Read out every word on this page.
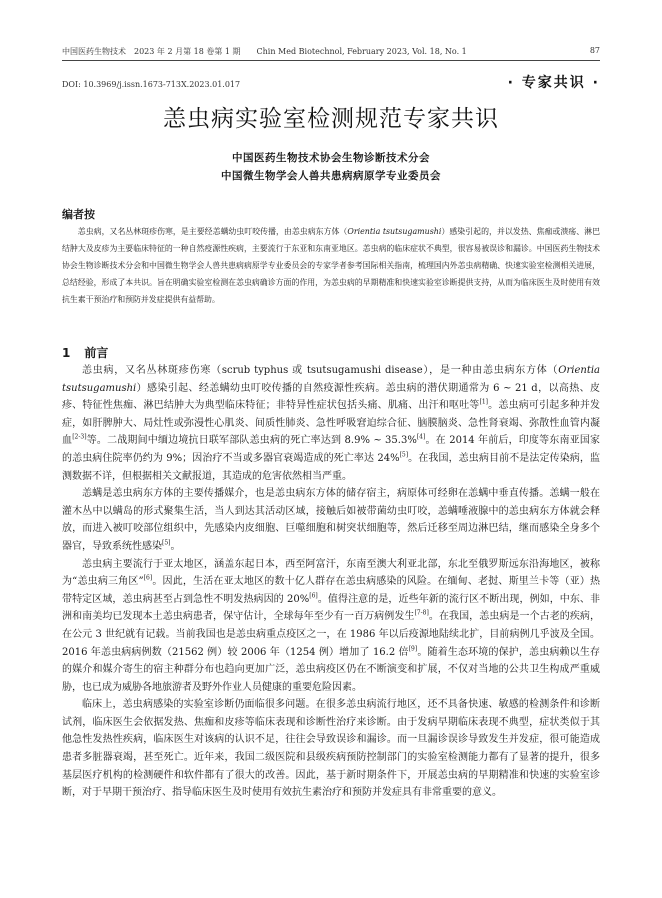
中国医药生物技术　2023 年 2 月第 18 卷第 1 期　　Chin Med Biotechnol, February 2023, Vol. 18, No. 1	87
DOI: 10.3969/j.issn.1673-713X.2023.01.017	· 专家共识 ·
恙虫病实验室检测规范专家共识
中国医药生物技术协会生物诊断技术分会
中国微生物学会人兽共患病病原学专业委员会
编者按
恙虫病，又名丛林斑疹伤寒，是主要经恙螨幼虫叮咬传播，由恙虫病东方体（Orientia tsutsugamushi）感染引起的，并以发热、焦痂或溃疡、淋巴结肿大及皮疹为主要临床特征的一种自然疫源性疾病，主要流行于东亚和东南亚地区。恙虫病的临床症状不典型，很容易被误诊和漏诊。中国医药生物技术协会生物诊断技术分会和中国微生物学会人兽共患病病原学专业委员会的专家学者参考国际相关指南，梳理国内外恙虫病精确、快速实验室检测相关进展，总结经验，形成了本共识。旨在明确实验室检测在恙虫病确诊方面的作用，为恙虫病的早期精准和快速实验室诊断提供支持，从而为临床医生及时使用有效抗生素干预治疗和预防并发症提供有益帮助。
1 前言

恙虫病，又名丛林斑疹伤寒（scrub typhus 或 tsutsugamushi disease），是一种由恙虫病东方体（Orientia tsutsugamushi）感染引起、经恙螨幼虫叮咬传播的自然疫源性疾病。恙虫病的潜伏期通常为 6 ~ 21 d，以高热、皮疹、特征性焦痂、淋巴结肿大为典型临床特征；非特异性症状包括头痛、肌痛、出汗和呕吐等[1]。恙虫病可引起多种并发症，如肝脾肿大、局灶性或弥漫性心肌炎、间质性肺炎、急性呼吸窘迫综合征、脑膜脑炎、急性肾衰竭、弥散性血管内凝血[2-3]等。二战期间中缅边境抗日联军部队恙虫病的死亡率达到 8.9% ~ 35.3%[4]。在 2014 年前后，印度等东南亚国家的恙虫病住院率仍约为 9%；因治疗不当或多器官衰竭造成的死亡率达 24%[5]。在我国，恙虫病目前不是法定传染病，监测数据不详，但根据相关文献报道，其造成的危害依然相当严重。

恙螨是恙虫病东方体的主要传播媒介，也是恙虫病东方体的储存宿主，病原体可经卵在恙螨中垂直传播。恙螨一般在灌木丛中以螨岛的形式聚集生活，当人到达其活动区域，接触后如被带菌幼虫叮咬，恙螨唾液腺中的恙虫病东方体就会释放，而进入被叮咬部位组织中，先感染内皮细胞、巨噬细胞和树突状细胞等，然后迁移至周边淋巴结，继而感染全身多个器官，导致系统性感染[5]。

恙虫病主要流行于亚太地区，涵盖东起日本，西至阿富汗，东南至澳大利亚北部，东北至俄罗斯远东沿海地区，被称为“恙虫病三角区”[6]。因此，生活在亚太地区的数十亿人群存在恙虫病感染的风险。在缅甸、老挝、斯里兰卡等（亚）热带特定区域，恙虫病甚至占到急性不明发热病因的 20%[6]。值得注意的是，近些年新的流行区不断出现，例如，中东、非洲和南美均已发现本土恙虫病患者，保守估计，全球每年至少有一百万病例发生[7-8]。在我国，恙虫病是一个古老的疾病，在公元 3 世纪就有记载。当前我国也是恙虫病重点疫区之一，在 1986 年以后疫源地陆续北扩，目前病例几乎波及全国。2016 年恙虫病病例数（21562 例）较 2006 年（1254 例）增加了 16.2 倍[9]。随着生态环境的保护，恙虫病赖以生存的媒介和媒介寄生的宿主种群分布也趋向更加广泛，恙虫病疫区仍在不断演变和扩展，不仅对当地的公共卫生构成严重威胁，也已成为威胁各地旅游者及野外作业人员健康的重要危险因素。

临床上，恙虫病感染的实验室诊断仍面临很多问题。在很多恙虫病流行地区，还不具备快速、敏感的检测条件和诊断试剂，临床医生会依据发热、焦痂和皮疹等临床表现和诊断性治疗来诊断。由于发病早期临床表现不典型，症状类似于其他急性发热性疾病，临床医生对该病的认识不足，往往会导致误诊和漏诊。而一旦漏诊误诊导致发生并发症，很可能造成患者多脏器衰竭，甚至死亡。近年来，我国二级医院和县级疾病预防控制部门的实验室检测能力都有了显著的提升，很多基层医疗机构的检测硬件和软件都有了很大的改善。因此，基于新时期条件下，开展恙虫病的早期精准和快速的实验室诊断，对于早期干预治疗、指导临床医生及时使用有效抗生素治疗和预防并发症具有非常重要的意义。
